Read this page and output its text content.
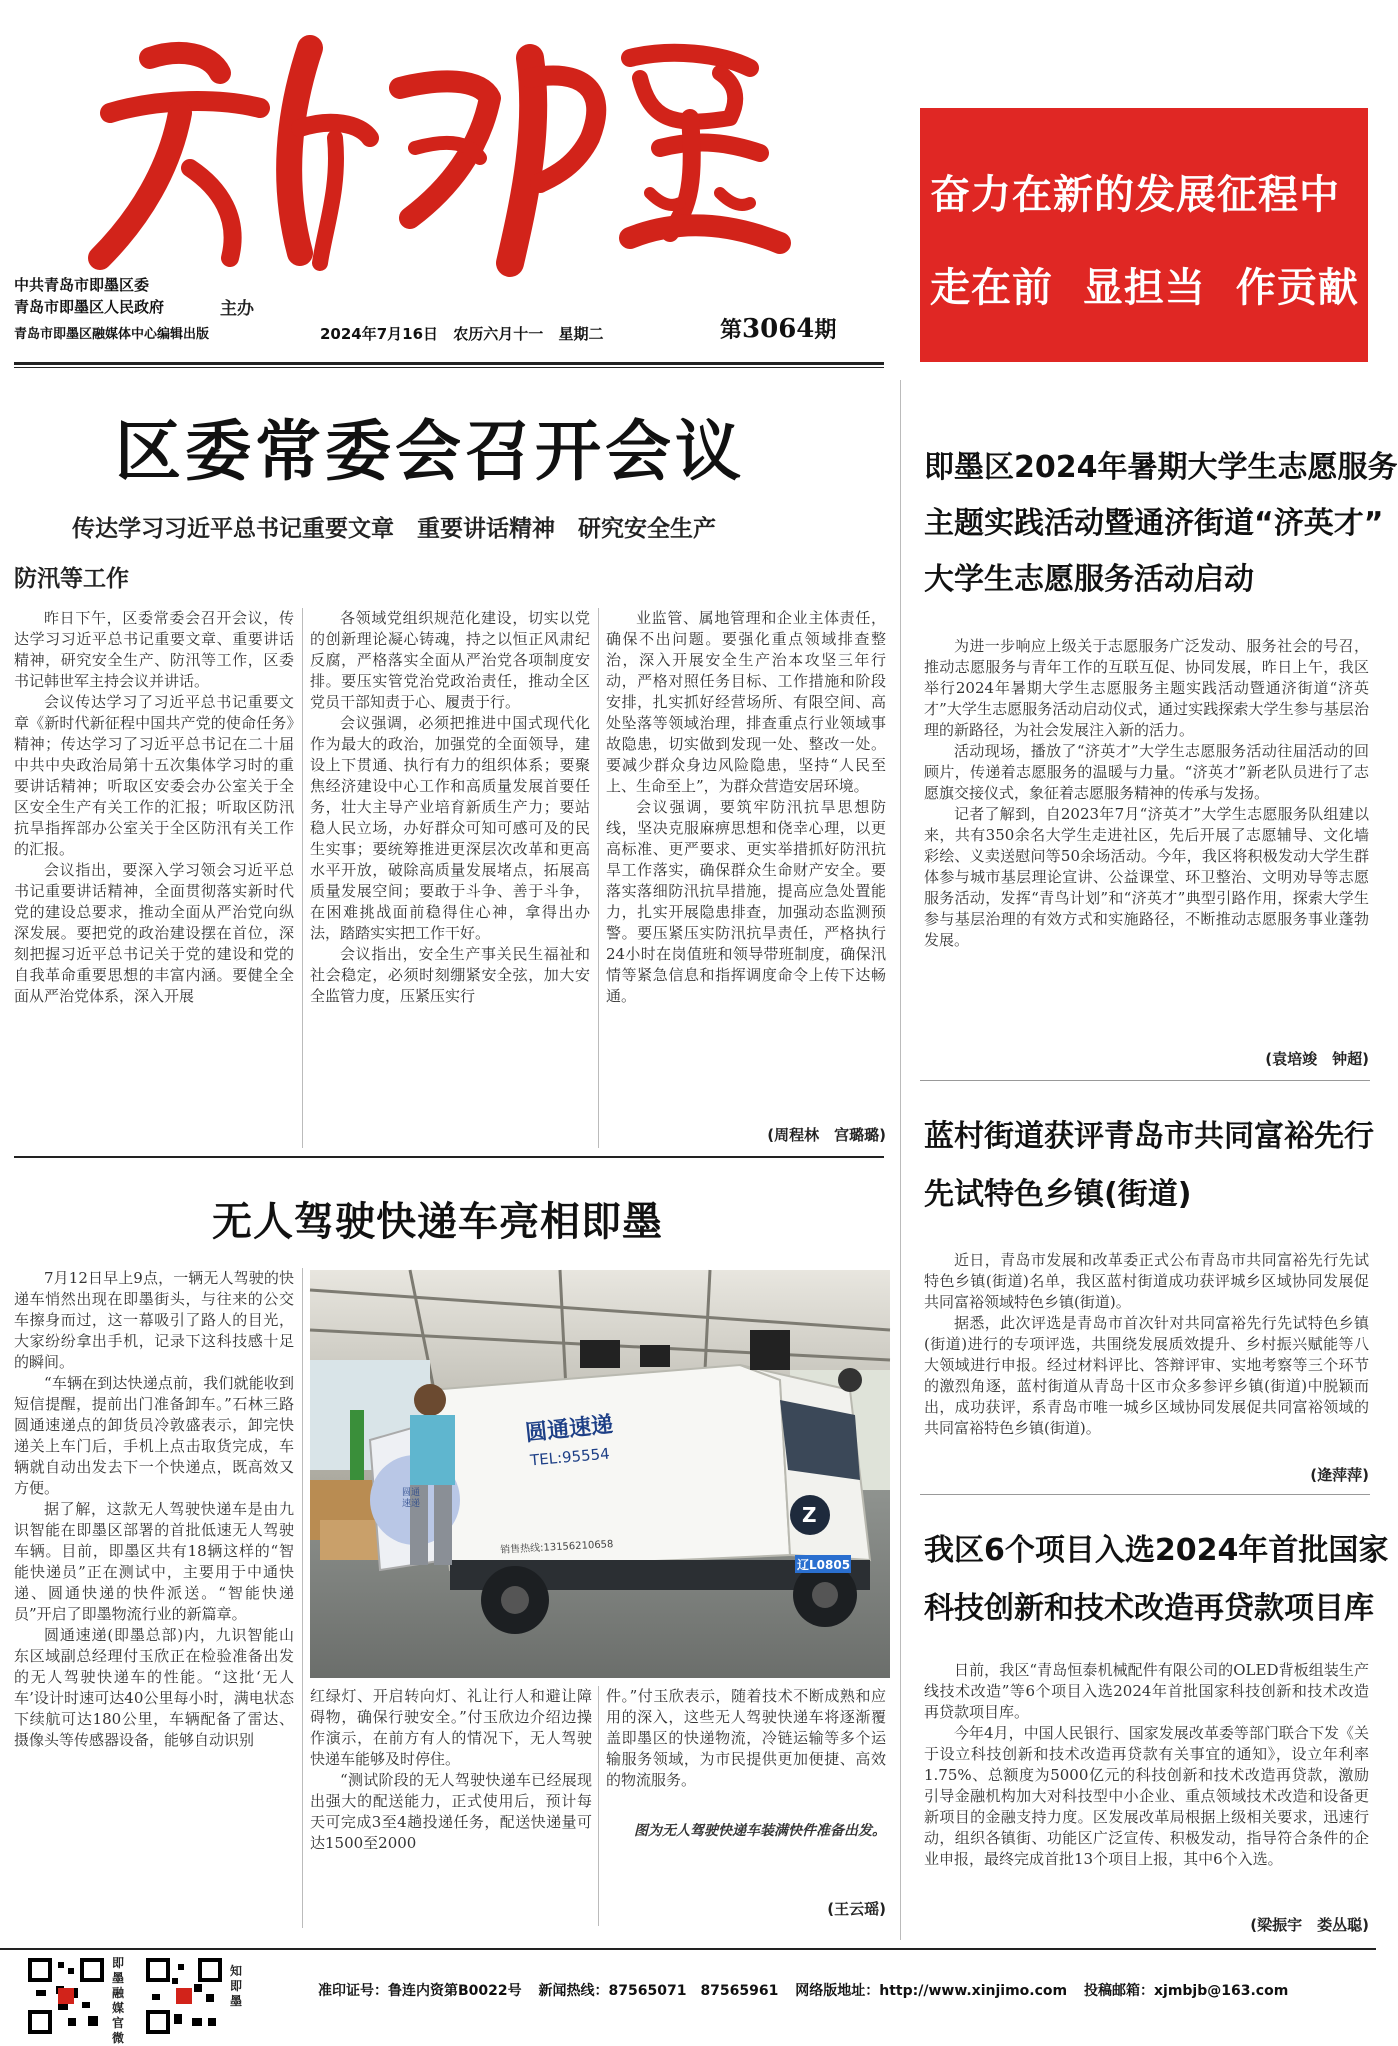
中共青岛市即墨区委
青岛市即墨区人民政府
青岛市即墨区融媒体中心编辑出版
主办
2024年7月16日 农历六月十一 星期二	第3064期
奋力在新的发展征程中
走在前  显担当  作贡献
区委常委会召开会议
传达学习习近平总书记重要文章　重要讲话精神　研究安全生产
防汛等工作

昨日下午，区委常委会召开会议，传达学习习近平总书记重要文章、重要讲话精神，研究安全生产、防汛等工作，区委书记韩世军主持会议并讲话。

会议传达学习了习近平总书记重要文章《新时代新征程中国共产党的使命任务》精神；传达学习了习近平总书记在二十届中共中央政治局第十五次集体学习时的重要讲话精神；听取区安委会办公室关于全区安全生产有关工作的汇报；听取区防汛抗旱指挥部办公室关于全区防汛有关工作的汇报。

会议指出，要深入学习领会习近平总书记重要讲话精神，全面贯彻落实新时代党的建设总要求，推动全面从严治党向纵深发展。要把党的政治建设摆在首位，深刻把握习近平总书记关于党的建设和党的自我革命重要思想的丰富内涵。要健全全面从严治党体系，深入开展

各领域党组织规范化建设，切实以党的创新理论凝心铸魂，持之以恒正风肃纪反腐，严格落实全面从严治党各项制度安排。要压实管党治党政治责任，推动全区党员干部知责于心、履责于行。

会议强调，必须把推进中国式现代化作为最大的政治，加强党的全面领导，建设上下贯通、执行有力的组织体系；要聚焦经济建设中心工作和高质量发展首要任务，壮大主导产业培育新质生产力；要站稳人民立场，办好群众可知可感可及的民生实事；要统筹推进更深层次改革和更高水平开放，破除高质量发展堵点，拓展高质量发展空间；要敢于斗争、善于斗争，在困难挑战面前稳得住心神，拿得出办法，踏踏实实把工作干好。

会议指出，安全生产事关民生福祉和社会稳定，必须时刻绷紧安全弦，加大安全监管力度，压紧压实行

业监管、属地管理和企业主体责任，确保不出问题。要强化重点领域排查整治，深入开展安全生产治本攻坚三年行动，严格对照任务目标、工作措施和阶段安排，扎实抓好经营场所、有限空间、高处坠落等领域治理，排查重点行业领域事故隐患，切实做到发现一处、整改一处。要减少群众身边风险隐患，坚持“人民至上、生命至上”，为群众营造安居环境。

会议强调，要筑牢防汛抗旱思想防线，坚决克服麻痹思想和侥幸心理，以更高标准、更严要求、更实举措抓好防汛抗旱工作落实，确保群众生命财产安全。要落实落细防汛抗旱措施，提高应急处置能力，扎实开展隐患排查，加强动态监测预警。要压紧压实防汛抗旱责任，严格执行24小时在岗值班和领导带班制度，确保汛情等紧急信息和指挥调度命令上传下达畅通。

(周程林　宫璐璐)
无人驾驶快递车亮相即墨

7月12日早上9点，一辆无人驾驶的快递车悄然出现在即墨街头，与往来的公交车擦身而过，这一幕吸引了路人的目光，大家纷纷拿出手机，记录下这科技感十足的瞬间。

“车辆在到达快递点前，我们就能收到短信提醒，提前出门准备卸车。”石林三路圆通速递点的卸货员冷敦盛表示，卸完快递关上车门后，手机上点击取货完成，车辆就自动出发去下一个快递点，既高效又方便。

据了解，这款无人驾驶快递车是由九识智能在即墨区部署的首批低速无人驾驶车辆。目前，即墨区共有18辆这样的“智能快递员”正在测试中，主要用于中通快递、圆通快递的快件派送。“智能快递员”开启了即墨物流行业的新篇章。

圆通速递(即墨总部)内，九识智能山东区域副总经理付玉欣正在检验准备出发的无人驾驶快递车的性能。“这批‘无人车’设计时速可达40公里每小时，满电状态下续航可达180公里，车辆配备了雷达、摄像头等传感器设备，能够自动识别

圆通速递
TEL:95554
销售热线:13156210658
辽L0805
Z
圆通速递

红绿灯、开启转向灯、礼让行人和避让障碍物，确保行驶安全。”付玉欣边介绍边操作演示，在前方有人的情况下，无人驾驶快递车能够及时停住。

“测试阶段的无人驾驶快递车已经展现出强大的配送能力，正式使用后，预计每天可完成3至4趟投递任务，配送快递量可达1500至2000

件。”付玉欣表示，随着技术不断成熟和应用的深入，这些无人驾驶快递车将逐渐覆盖即墨区的快递物流，冷链运输等多个运输服务领域，为市民提供更加便捷、高效的物流服务。

图为无人驾驶快递车装满快件准备出发。
(王云瑶)
即墨区2024年暑期大学生志愿服务
主题实践活动暨通济街道“济英才”
大学生志愿服务活动启动

为进一步响应上级关于志愿服务广泛发动、服务社会的号召，推动志愿服务与青年工作的互联互促、协同发展，昨日上午，我区举行2024年暑期大学生志愿服务主题实践活动暨通济街道“济英才”大学生志愿服务活动启动仪式，通过实践探索大学生参与基层治理的新路径，为社会发展注入新的活力。

活动现场，播放了“济英才”大学生志愿服务活动往届活动的回顾片，传递着志愿服务的温暖与力量。“济英才”新老队员进行了志愿旗交接仪式，象征着志愿服务精神的传承与发扬。

记者了解到，自2023年7月“济英才”大学生志愿服务队组建以来，共有350余名大学生走进社区，先后开展了志愿辅导、文化墙彩绘、义卖送慰问等50余场活动。今年，我区将积极发动大学生群体参与城市基层理论宣讲、公益课堂、环卫整治、文明劝导等志愿服务活动，发挥“青鸟计划”和“济英才”典型引路作用，探索大学生参与基层治理的有效方式和实施路径，不断推动志愿服务事业蓬勃发展。

(袁培竣　钟超)
蓝村街道获评青岛市共同富裕先行
先试特色乡镇(街道)

近日，青岛市发展和改革委正式公布青岛市共同富裕先行先试特色乡镇(街道)名单，我区蓝村街道成功获评城乡区域协同发展促共同富裕领域特色乡镇(街道)。

据悉，此次评选是青岛市首次针对共同富裕先行先试特色乡镇(街道)进行的专项评选，共围绕发展质效提升、乡村振兴赋能等八大领域进行申报。经过材料评比、答辩评审、实地考察等三个环节的激烈角逐，蓝村街道从青岛十区市众多参评乡镇(街道)中脱颖而出，成功获评，系青岛市唯一城乡区域协同发展促共同富裕领域的共同富裕特色乡镇(街道)。

(逄萍萍)
我区6个项目入选2024年首批国家
科技创新和技术改造再贷款项目库

日前，我区“青岛恒泰机械配件有限公司的OLED背板组装生产线技术改造”等6个项目入选2024年首批国家科技创新和技术改造再贷款项目库。

今年4月，中国人民银行、国家发展改革委等部门联合下发《关于设立科技创新和技术改造再贷款有关事宜的通知》，设立年利率1.75%、总额度为5000亿元的科技创新和技术改造再贷款，激励引导金融机构加大对科技型中小企业、重点领域技术改造和设备更新项目的金融支持力度。区发展改革局根据上级相关要求，迅速行动，组织各镇街、功能区广泛宣传、积极发动，指导符合条件的企业申报，最终完成首批13个项目上报，其中6个入选。

(梁振宇　娄丛聪)
即墨融媒官微
知即墨
准印证号：鲁连内资第B0022号 新闻热线：87565071　87565961 网络版地址：http://www.xinjimo.com 投稿邮箱：xjmbjb@163.com
